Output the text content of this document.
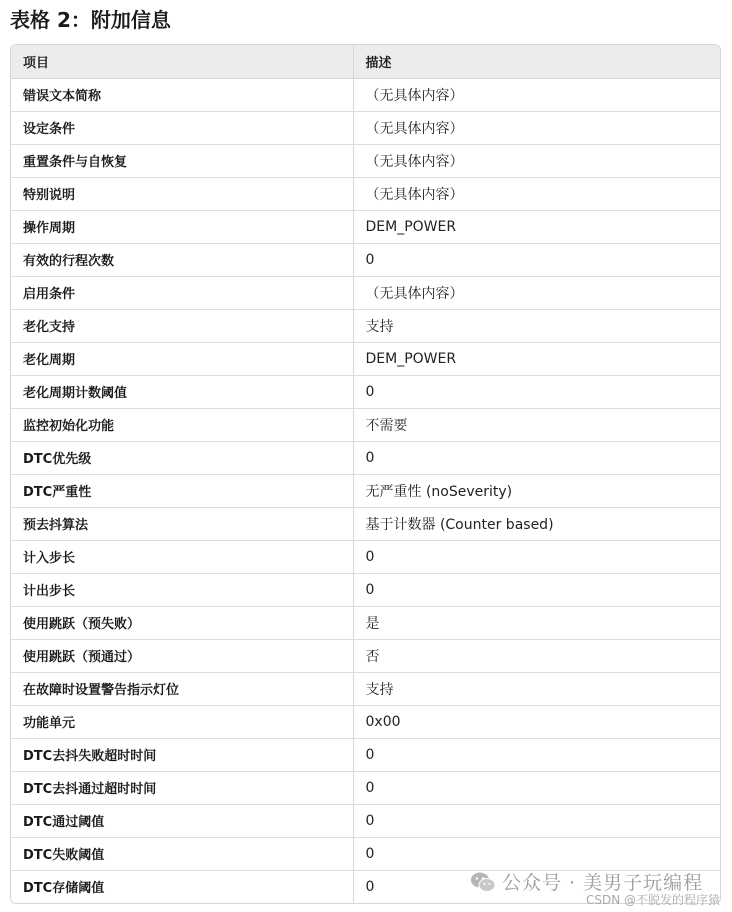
表格 2：附加信息
项目	描述
错误文本简称	（无具体内容）
设定条件	（无具体内容）
重置条件与自恢复	（无具体内容）
特别说明	（无具体内容）
操作周期	DEM_POWER
有效的行程次数	0
启用条件	（无具体内容）
老化支持	支持
老化周期	DEM_POWER
老化周期计数阈值	0
监控初始化功能	不需要
DTC优先级	0
DTC严重性	无严重性 (noSeverity)
预去抖算法	基于计数器 (Counter based)
计入步长	0
计出步长	0
使用跳跃（预失败）	是
使用跳跃（预通过）	否
在故障时设置警告指示灯位	支持
功能单元	0x00
DTC去抖失败超时时间	0
DTC去抖通过超时时间	0
DTC通过阈值	0
DTC失败阈值	0
DTC存储阈值	0	公众号 · 美男子玩编程
CSDN @不脱发的程序猿
